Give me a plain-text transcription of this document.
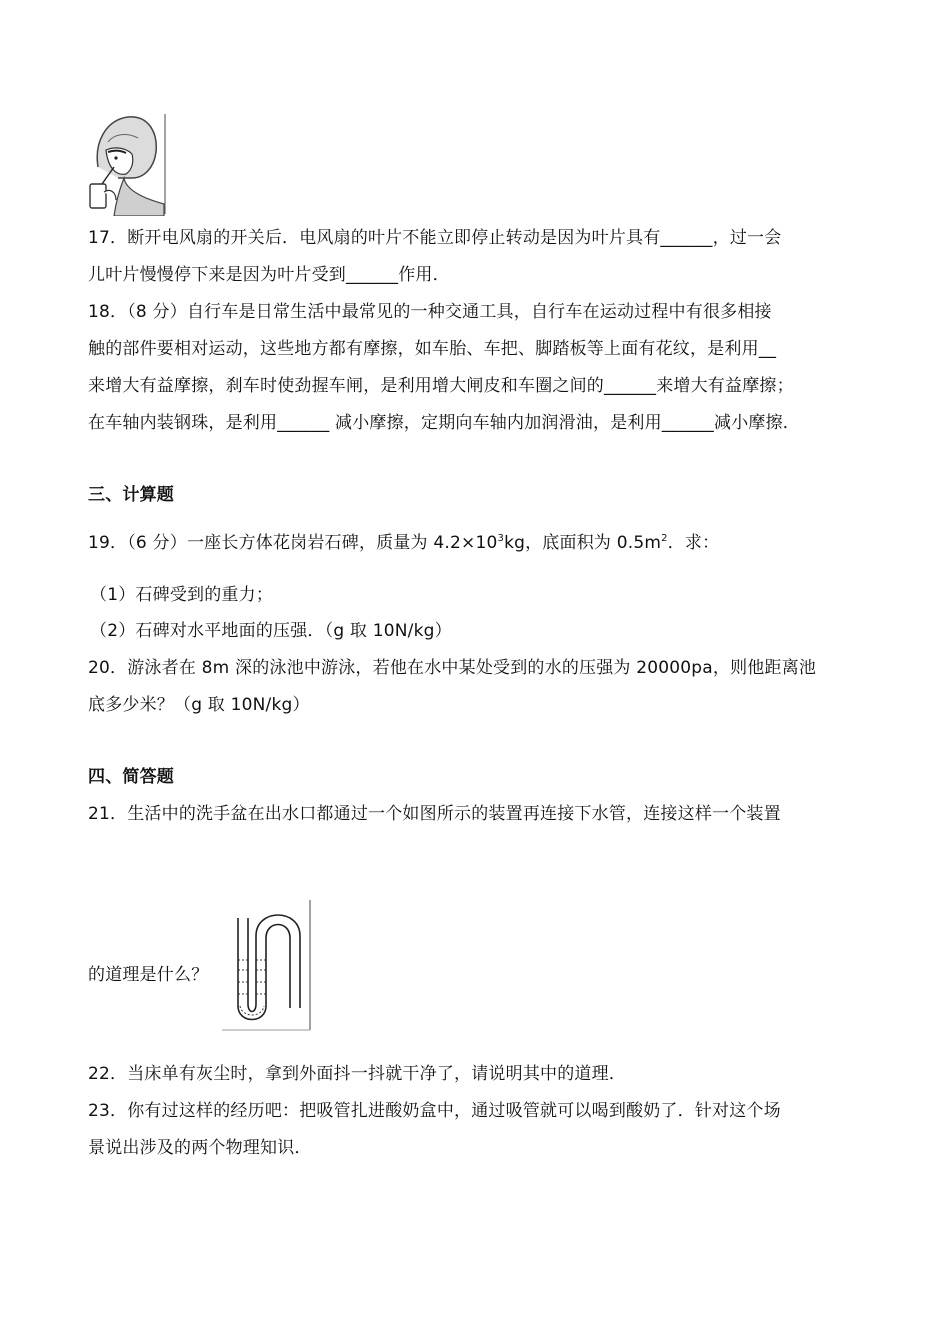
17．断开电风扇的开关后．电风扇的叶片不能立即停止转动是因为叶片具有______，过一会
儿叶片慢慢停下来是因为叶片受到______作用．
18．（8 分）自行车是日常生活中最常见的一种交通工具，自行车在运动过程中有很多相接
触的部件要相对运动，这些地方都有摩擦，如车胎、车把、脚踏板等上面有花纹，是利用__
来增大有益摩擦，刹车时使劲握车闸，是利用增大闸皮和车圈之间的______来增大有益摩擦；
在车轴内装钢珠，是利用______ 减小摩擦，定期向车轴内加润滑油，是利用______减小摩擦．
三、计算题
19．（6 分）一座长方体花岗岩石碑，质量为 $4.2\times 10^3kg$，底面积为 $0.5m^2$．求：
（1）石碑受到的重力；
（2）石碑对水平地面的压强．（g 取 10N/kg）
20．游泳者在 8m 深的泳池中游泳，若他在水中某处受到的水的压强为 20000pa，则他距离池
底多少米？（g 取 10N/kg）
四、简答题
21．生活中的洗手盆在出水口都通过一个如图所示的装置再连接下水管，连接这样一个装置
的道理是什么？
22．当床单有灰尘时，拿到外面抖一抖就干净了，请说明其中的道理．
23．你有过这样的经历吧：把吸管扎进酸奶盒中，通过吸管就可以喝到酸奶了．针对这个场
景说出涉及的两个物理知识．
